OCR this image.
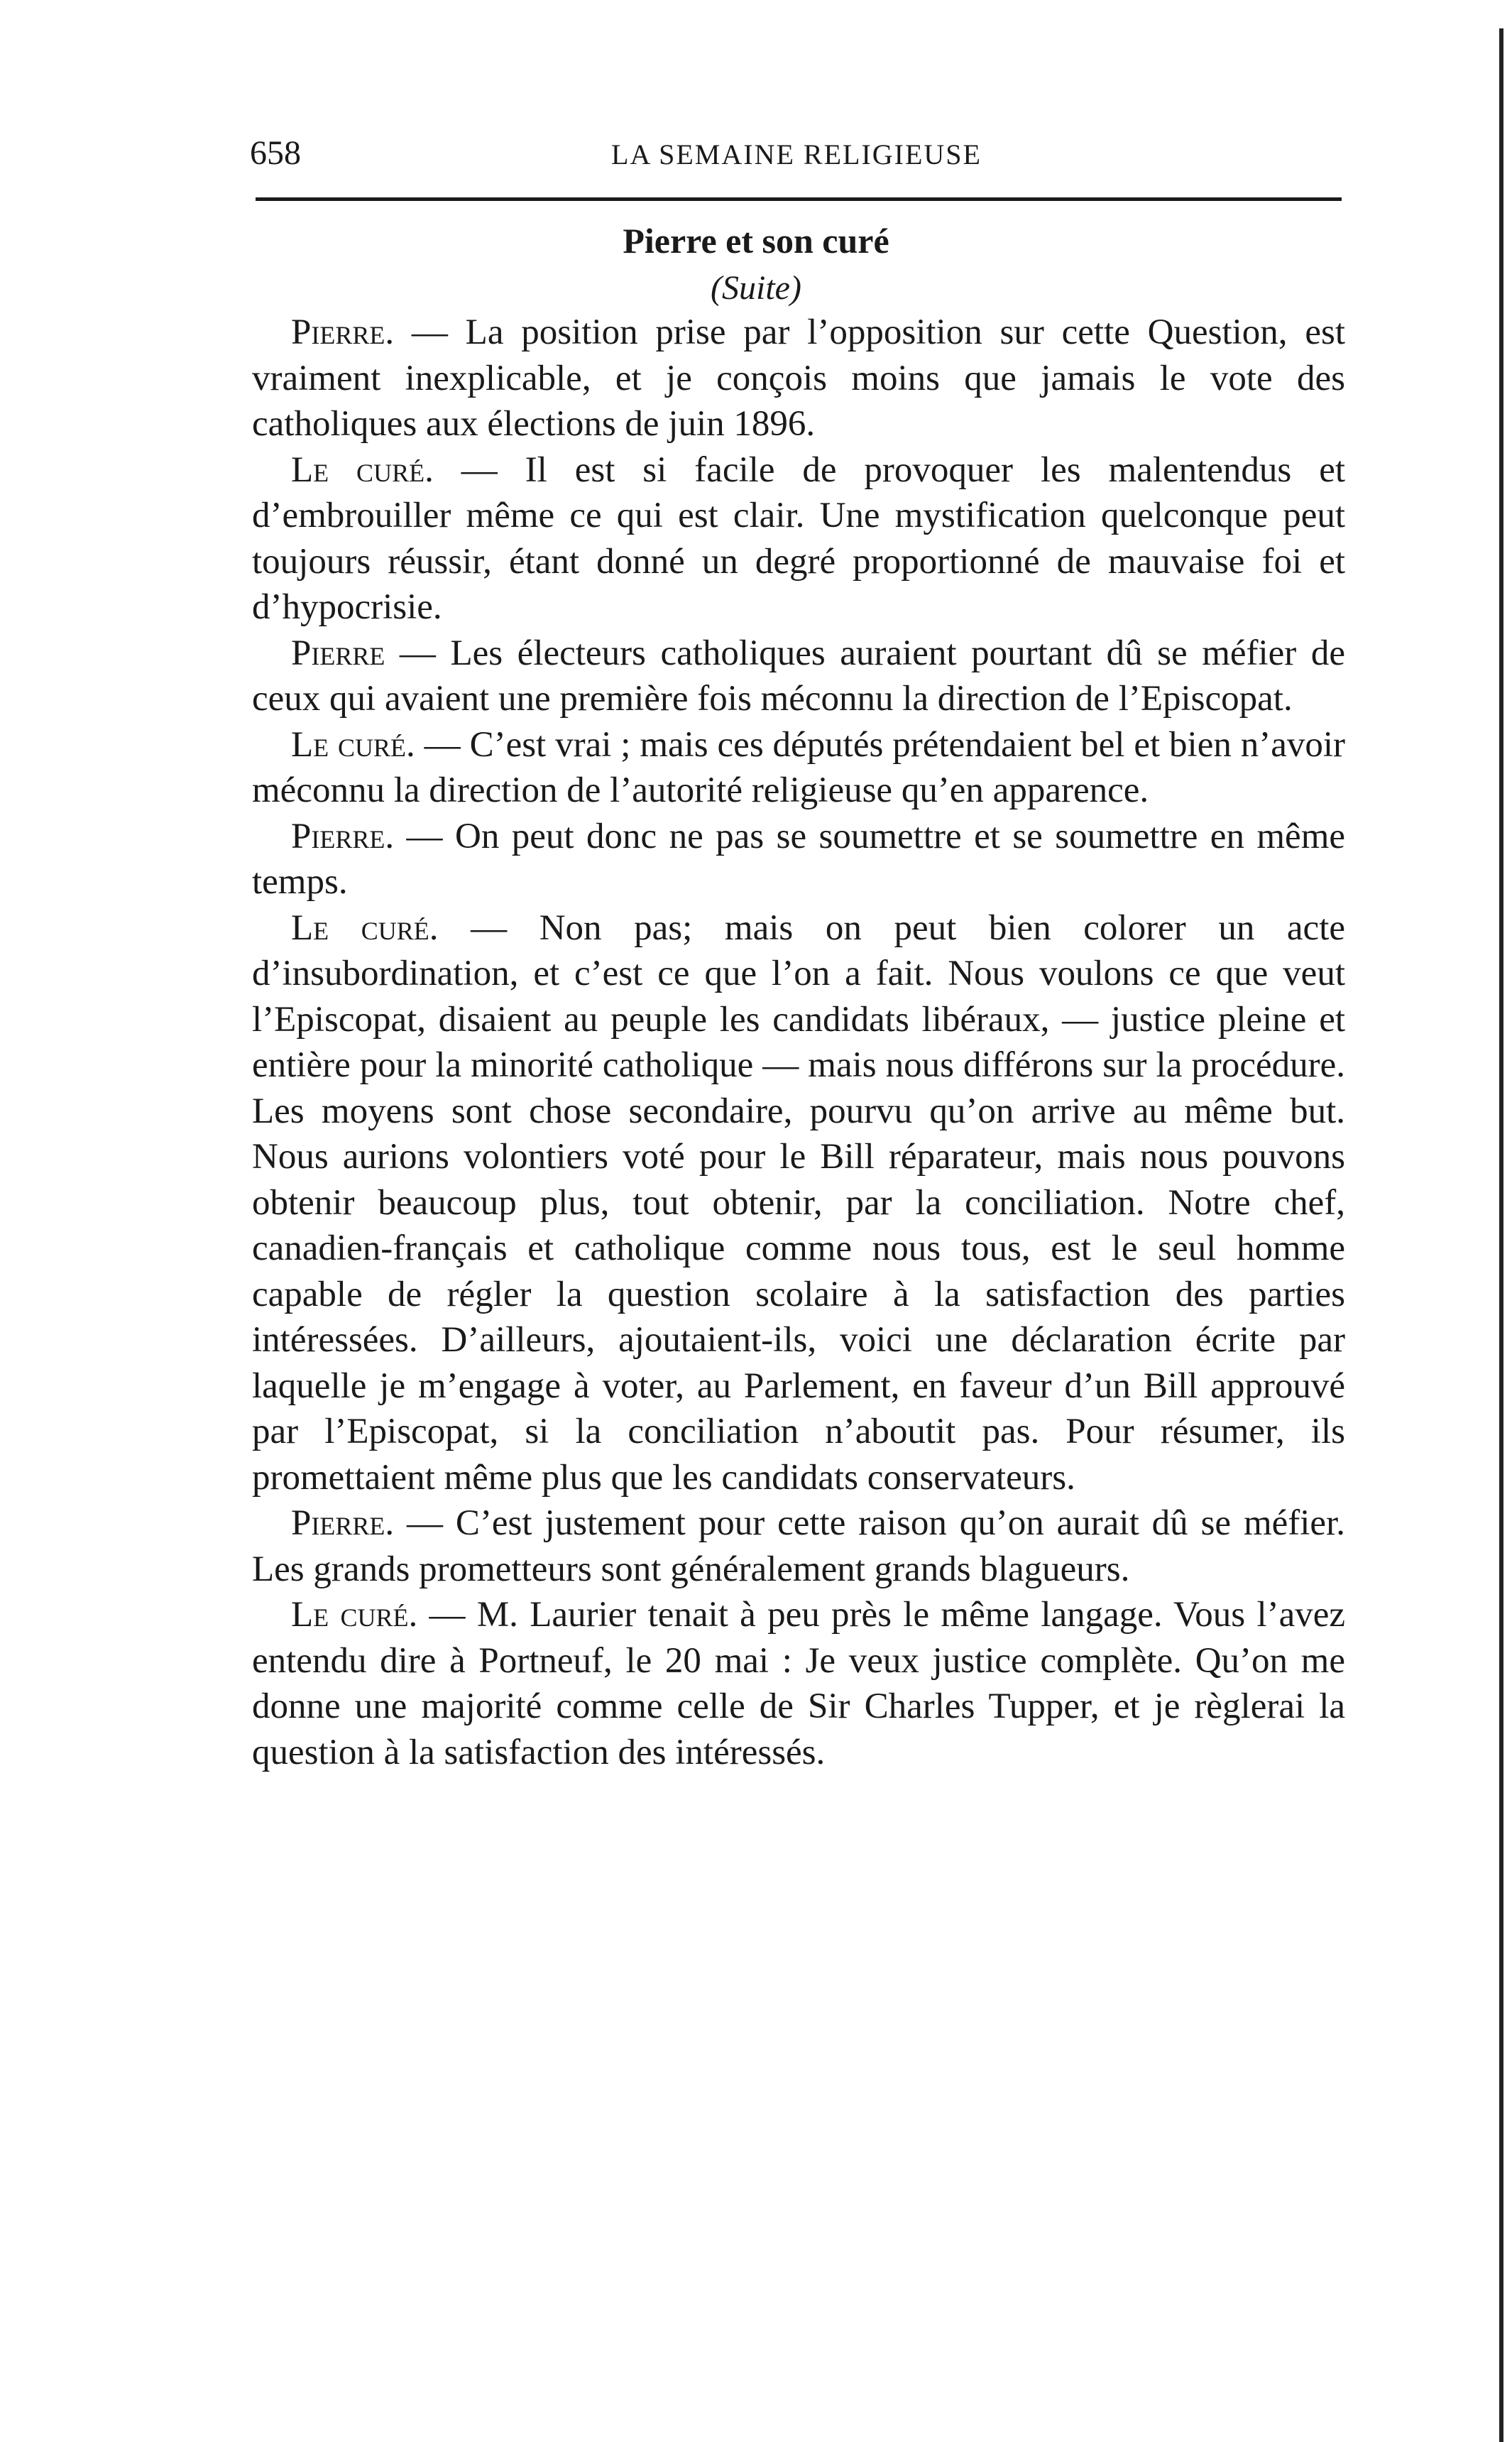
658	LA SEMAINE RELIGIEUSE
Pierre et son curé
(Suite)

Pierre. — La position prise par l’opposition sur cette Question, est vraiment inexplicable, et je conçois moins que jamais le vote des catholiques aux élections de juin 1896.

Le curé. — Il est si facile de provoquer les malentendus et d’embrouiller même ce qui est clair. Une mystification quelconque peut toujours réussir, étant donné un degré proportionné de mauvaise foi et d’hypocrisie.

Pierre — Les électeurs catholiques auraient pourtant dû se méfier de ceux qui avaient une première fois méconnu la direction de l’Episcopat.

Le curé. — C’est vrai ; mais ces députés prétendaient bel et bien n’avoir méconnu la direction de l’autorité religieuse qu’en apparence.

Pierre. — On peut donc ne pas se soumettre et se soumettre en même temps.

Le curé. — Non pas; mais on peut bien colorer un acte d’insubordination, et c’est ce que l’on a fait. Nous voulons ce que veut l’Episcopat, disaient au peuple les candidats libéraux, — justice pleine et entière pour la minorité catholique — mais nous différons sur la procédure. Les moyens sont chose secondaire, pourvu qu’on arrive au même but. Nous aurions volontiers voté pour le Bill réparateur, mais nous pouvons obtenir beaucoup plus, tout obtenir, par la conciliation. Notre chef, canadien-français et catholique comme nous tous, est le seul homme capable de régler la question scolaire à la satisfaction des parties intéressées. D’ailleurs, ajoutaient-ils, voici une déclaration écrite par laquelle je m’engage à voter, au Parlement, en faveur d’un Bill approuvé par l’Episcopat, si la conciliation n’aboutit pas. Pour résumer, ils promettaient même plus que les candidats conservateurs.

Pierre. — C’est justement pour cette raison qu’on aurait dû se méfier. Les grands prometteurs sont généralement grands blagueurs.

Le curé. — M. Laurier tenait à peu près le même langage. Vous l’avez entendu dire à Portneuf, le 20 mai : Je veux justice complète. Qu’on me donne une majorité comme celle de Sir Charles Tupper, et je règlerai la question à la satisfaction des intéressés.
